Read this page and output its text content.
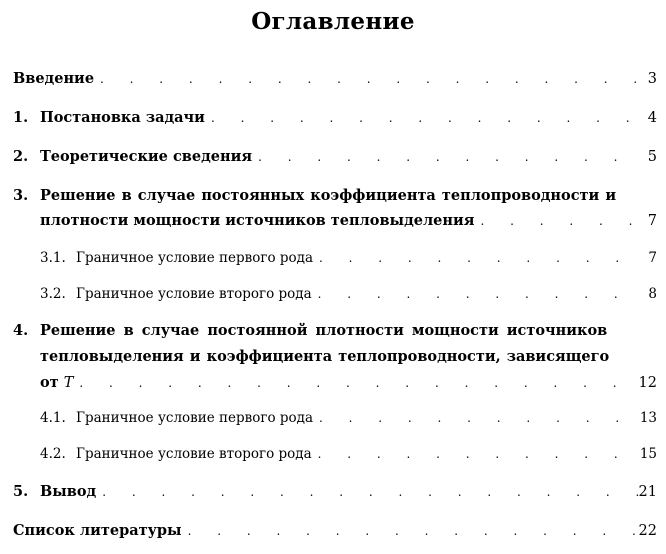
Оглавление
Введение . . .	3
1. Постановка задачи . . .	4
2. Теоретические сведения . . .	5
3. Решение в случае постоянных коэффициента теплопроводности и
плотности мощности источников тепловыделения . . .	7
3.1. Граничное условие первого рода . . .	7
3.2. Граничное условие второго рода . . .	8
4. Решение в случае постоянной плотности мощности источников
тепловыделения и коэффициента теплопроводности, зависящего
от T . . .	12
4.1. Граничное условие первого рода . . .	13
4.2. Граничное условие второго рода . . .	15
5. Вывод . . .	21
Список литературы . . .	22
